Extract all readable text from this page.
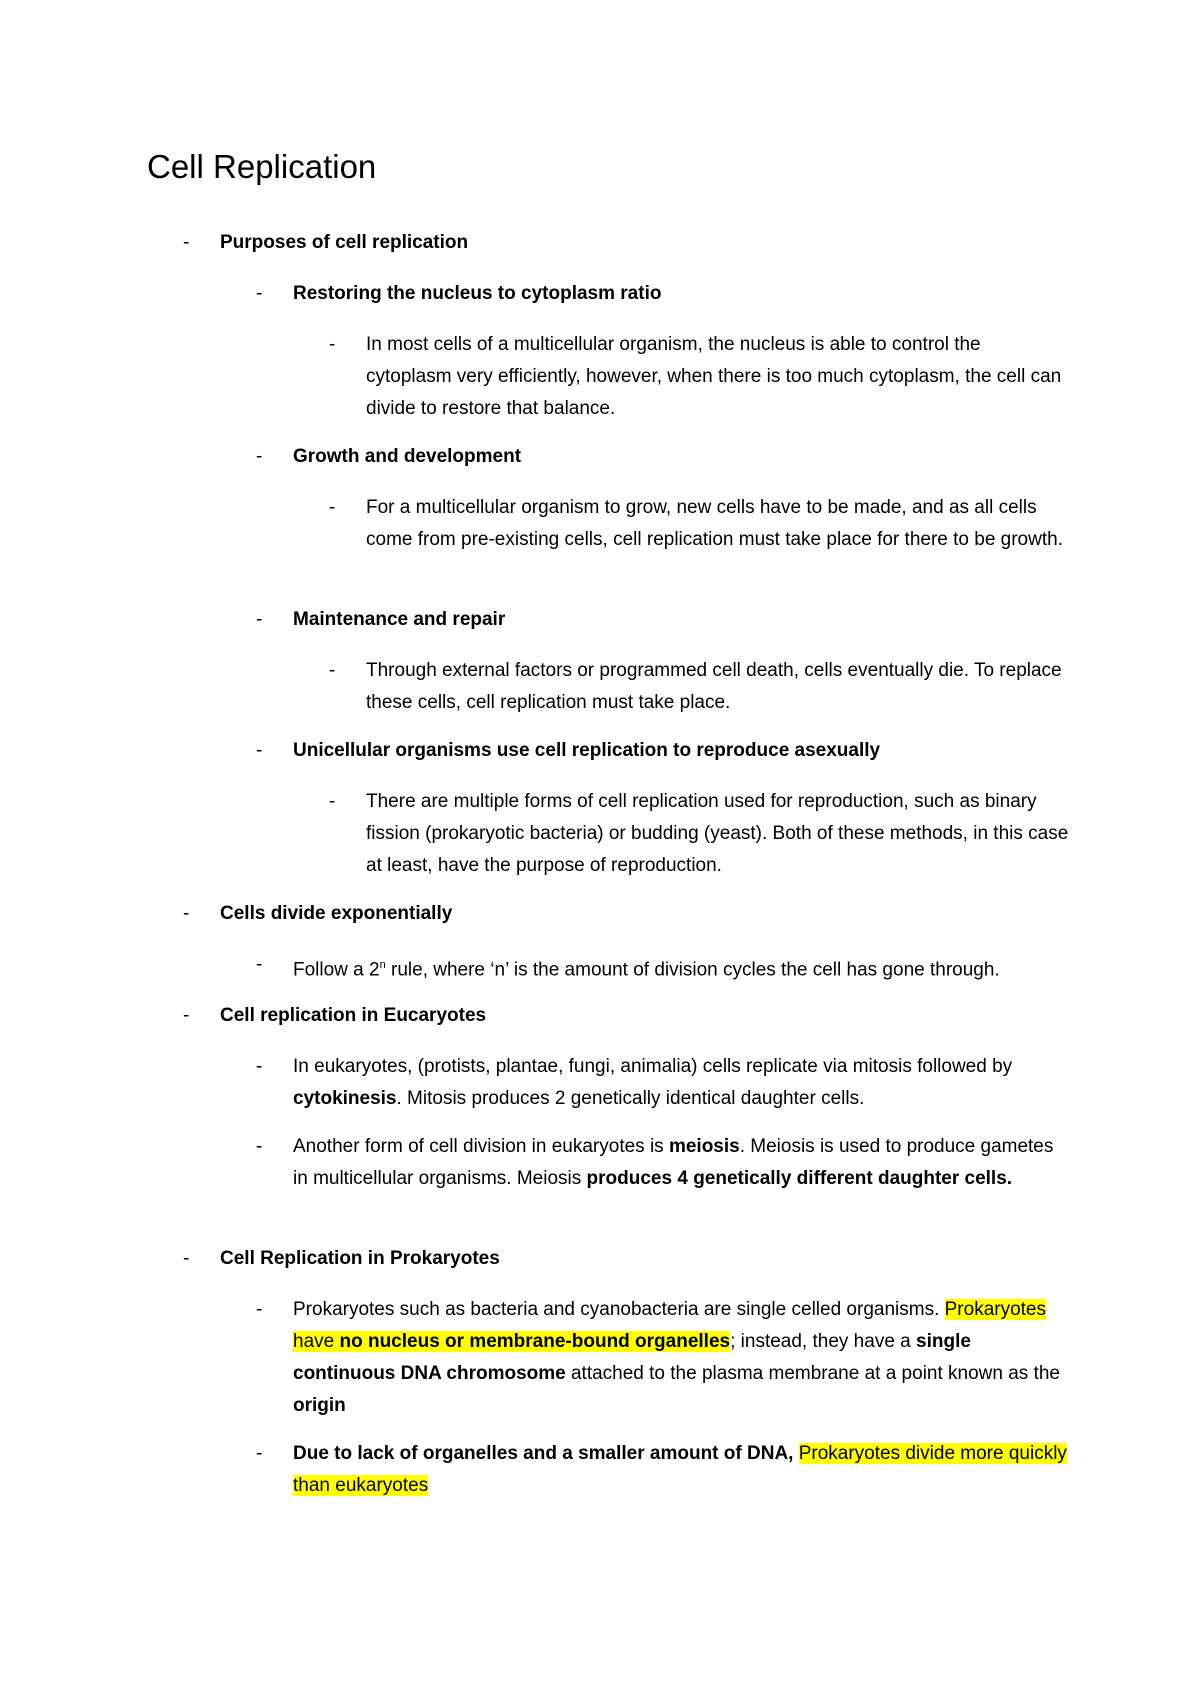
Cell Replication

- Purposes of cell replication

- Restoring the nucleus to cytoplasm ratio

- In most cells of a multicellular organism, the nucleus is able to control the cytoplasm very efficiently, however, when there is too much cytoplasm, the cell can divide to restore that balance.

- Growth and development

- For a multicellular organism to grow, new cells have to be made, and as all cells come from pre-existing cells, cell replication must take place for there to be growth.

- Maintenance and repair

- Through external factors or programmed cell death, cells eventually die. To replace these cells, cell replication must take place.

- Unicellular organisms use cell replication to reproduce asexually

- There are multiple forms of cell replication used for reproduction, such as binary fission (prokaryotic bacteria) or budding (yeast). Both of these methods, in this case at least, have the purpose of reproduction.

- Cells divide exponentially

- Follow a 2$^n$ rule, where ‘n’ is the amount of division cycles the cell has gone through.

- Cell replication in Eucaryotes

- In eukaryotes, (protists, plantae, fungi, animalia) cells replicate via mitosis followed by cytokinesis. Mitosis produces 2 genetically identical daughter cells.

- Another form of cell division in eukaryotes is meiosis. Meiosis is used to produce gametes in multicellular organisms. Meiosis produces 4 genetically different daughter cells.

- Cell Replication in Prokaryotes

- Prokaryotes such as bacteria and cyanobacteria are single celled organisms. Prokaryotes have no nucleus or membrane-bound organelles; instead, they have a single continuous DNA chromosome attached to the plasma membrane at a point known as the origin

- Due to lack of organelles and a smaller amount of DNA, Prokaryotes divide more quickly than eukaryotes
